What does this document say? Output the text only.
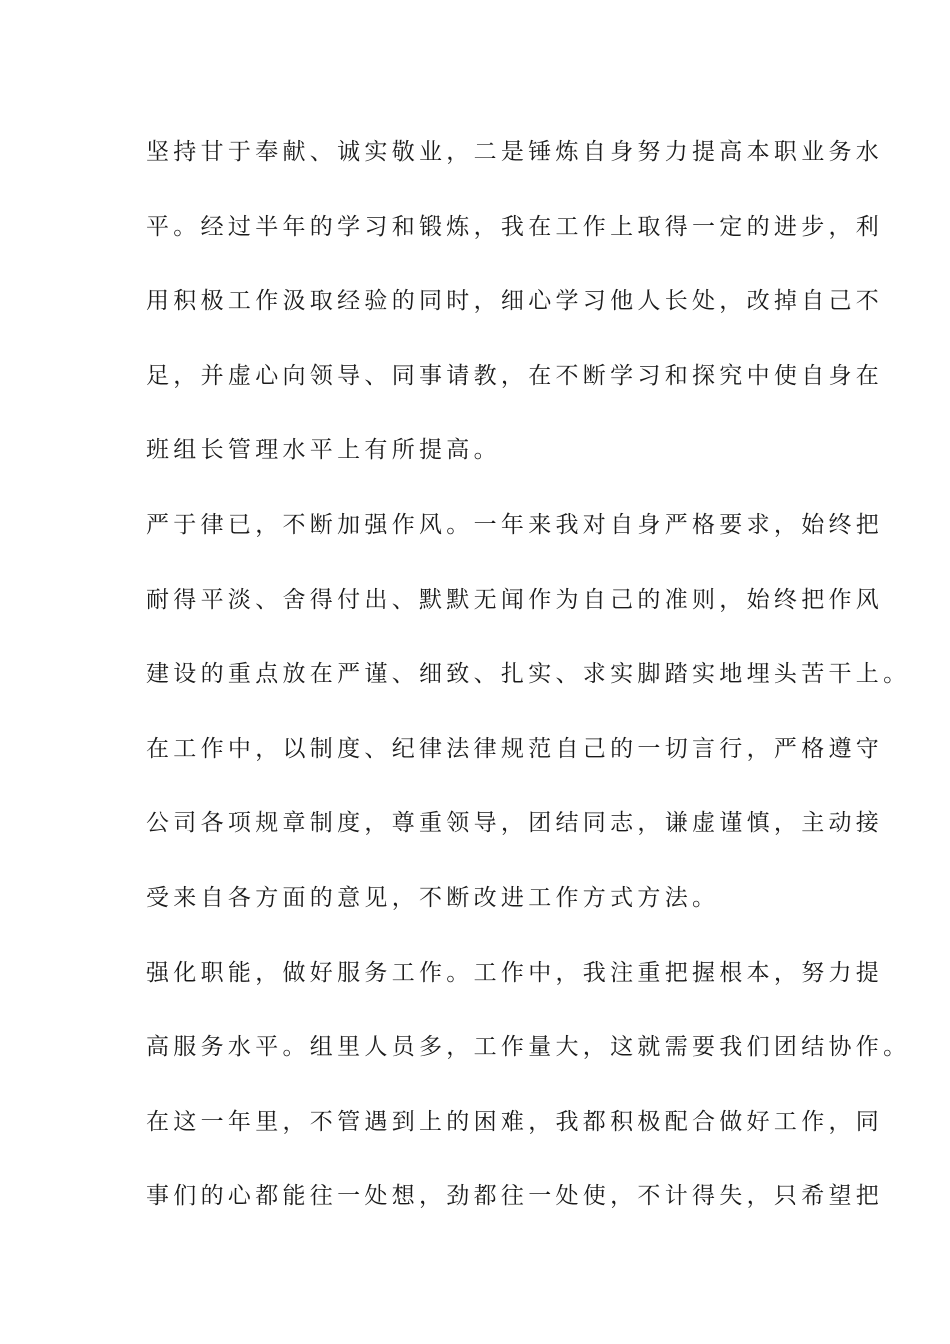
坚持甘于奉献、诚实敬业，二是锤炼自身努力提高本职业务水
平。经过半年的学习和锻炼，我在工作上取得一定的进步，利
用积极工作汲取经验的同时，细心学习他人长处，改掉自己不
足，并虚心向领导、同事请教，在不断学习和探究中使自身在
班组长管理水平上有所提高。
严于律已，不断加强作风。一年来我对自身严格要求，始终把
耐得平淡、舍得付出、默默无闻作为自己的准则，始终把作风
建设的重点放在严谨、细致、扎实、求实脚踏实地埋头苦干上。
在工作中，以制度、纪律法律规范自己的一切言行，严格遵守
公司各项规章制度，尊重领导，团结同志，谦虚谨慎，主动接
受来自各方面的意见，不断改进工作方式方法。
强化职能，做好服务工作。工作中，我注重把握根本，努力提
高服务水平。组里人员多，工作量大，这就需要我们团结协作。
在这一年里，不管遇到上的困难，我都积极配合做好工作，同
事们的心都能往一处想，劲都往一处使，不计得失，只希望把
